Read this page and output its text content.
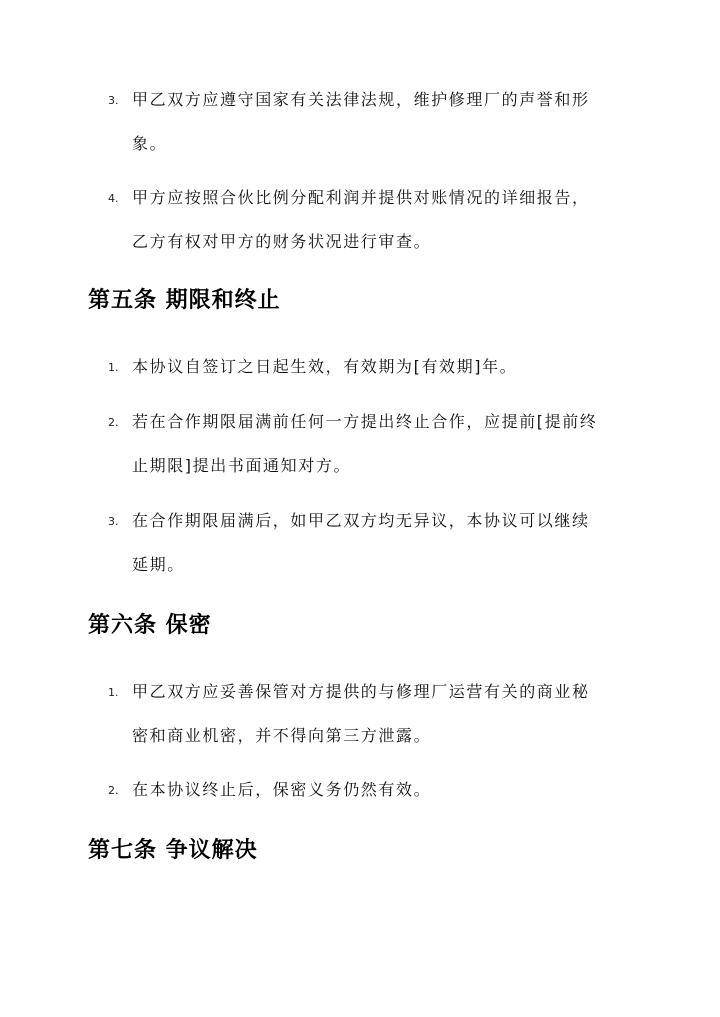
3. 甲乙双方应遵守国家有关法律法规，维护修理厂的声誉和形
象。
4. 甲方应按照合伙比例分配利润并提供对账情况的详细报告，
乙方有权对甲方的财务状况进行审查。
第五条 期限和终止
1. 本协议自签订之日起生效，有效期为[有效期]年。
2. 若在合作期限届满前任何一方提出终止合作，应提前[提前终
止期限]提出书面通知对方。
3. 在合作期限届满后，如甲乙双方均无异议，本协议可以继续
延期。
第六条 保密
1. 甲乙双方应妥善保管对方提供的与修理厂运营有关的商业秘
密和商业机密，并不得向第三方泄露。
2. 在本协议终止后，保密义务仍然有效。
第七条 争议解决
